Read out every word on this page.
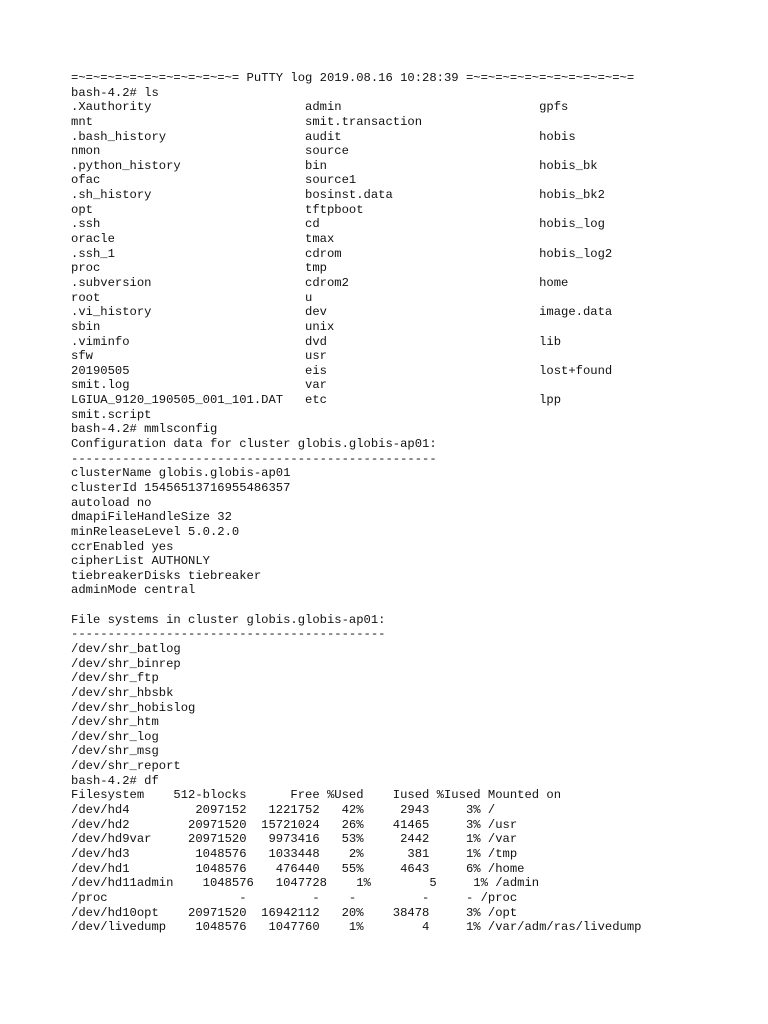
=~=~=~=~=~=~=~=~=~=~=~= PuTTY log 2019.08.16 10:28:39 =~=~=~=~=~=~=~=~=~=~=~=
bash-4.2# ls
.Xauthority                     admin                           gpfs
mnt                             smit.transaction
.bash_history                   audit                           hobis
nmon                            source
.python_history                 bin                             hobis_bk
ofac                            source1
.sh_history                     bosinst.data                    hobis_bk2
opt                             tftpboot
.ssh                            cd                              hobis_log
oracle                          tmax
.ssh_1                          cdrom                           hobis_log2
proc                            tmp
.subversion                     cdrom2                          home
root                            u
.vi_history                     dev                             image.data
sbin                            unix
.viminfo                        dvd                             lib
sfw                             usr
20190505                        eis                             lost+found
smit.log                        var
LGIUA_9120_190505_001_101.DAT   etc                             lpp
smit.script
bash-4.2# mmlsconfig
Configuration data for cluster globis.globis-ap01:
--------------------------------------------------
clusterName globis.globis-ap01
clusterId 15456513716955486357
autoload no
dmapiFileHandleSize 32
minReleaseLevel 5.0.2.0
ccrEnabled yes
cipherList AUTHONLY
tiebreakerDisks tiebreaker
adminMode central
File systems in cluster globis.globis-ap01:
-------------------------------------------
/dev/shr_batlog
/dev/shr_binrep
/dev/shr_ftp
/dev/shr_hbsbk
/dev/shr_hobislog
/dev/shr_htm
/dev/shr_log
/dev/shr_msg
/dev/shr_report
bash-4.2# df
Filesystem    512-blocks      Free %Used    Iused %Iused Mounted on
/dev/hd4         2097152   1221752   42%     2943     3% /
/dev/hd2        20971520  15721024   26%    41465     3% /usr
/dev/hd9var     20971520   9973416   53%     2442     1% /var
/dev/hd3         1048576   1033448    2%      381     1% /tmp
/dev/hd1         1048576    476440   55%     4643     6% /home
/dev/hd11admin    1048576   1047728    1%        5     1% /admin
/proc                  -         -    -         -     - /proc
/dev/hd10opt    20971520  16942112   20%    38478     3% /opt
/dev/livedump    1048576   1047760    1%        4     1% /var/adm/ras/livedump
